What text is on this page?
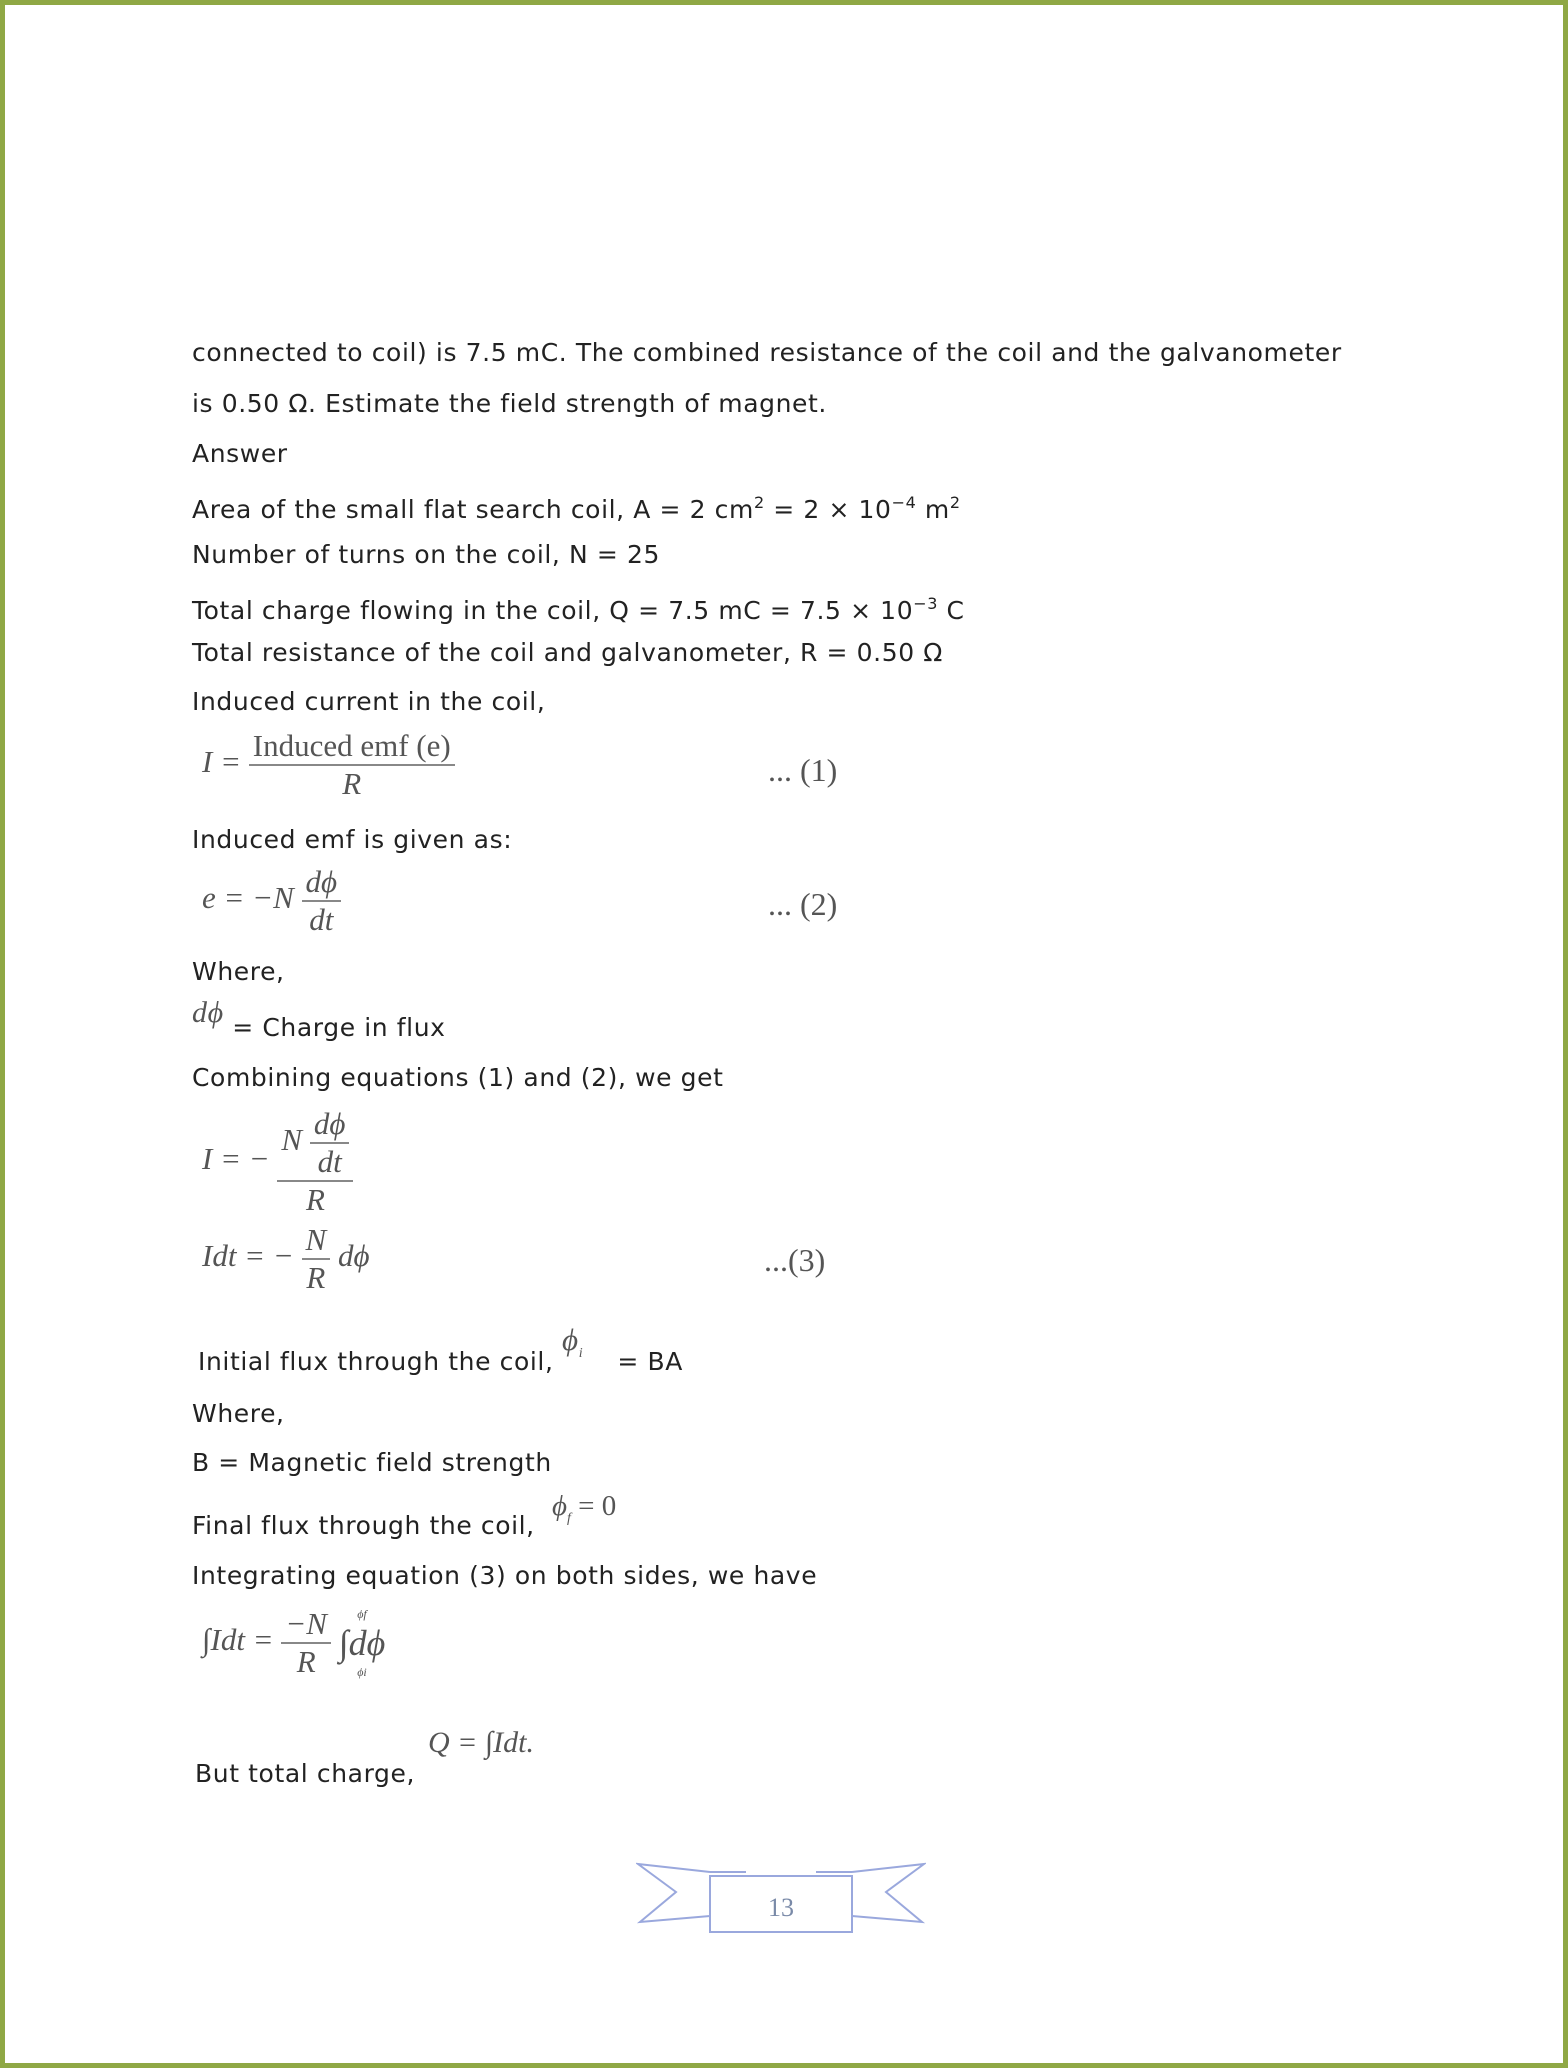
connected to coil) is 7.5 mC. The combined resistance of the coil and the galvanometer
is 0.50 Ω. Estimate the field strength of magnet.
Answer
Area of the small flat search coil, A = 2 $cm^2 = 2 \times 10^{-4}$ $m^2$
Number of turns on the coil, N = 25
Total charge flowing in the coil, Q = 7.5 mC = $7.5 \times 10^{-3}$ C
Total resistance of the coil and galvanometer, R = 0.50 Ω
Induced current in the coil,
$I = \frac{\text{Induced emf (e)}}{R}$	... (1)
Induced emf is given as:
$e = -N \frac{d\phi}{dt}$	... (2)
Where,
dϕ = Charge in flux
Combining equations (1) and (2), we get
I = − $\frac{N \frac{d\phi}{dt}}{R}$
Idt = − $\frac{N}{R}$ dϕ	...(3)
Initial flux through the coil, $\phi_i$ = BA
Where,
B = Magnetic field strength
Final flux through the coil,
$\phi_f = 0$
Integrating equation (3) on both sides, we have
$\int Idt = \frac{-N}{R}$
ϕf
∫dϕ
ϕi
Q = ∫Idt.
But total charge,
13
